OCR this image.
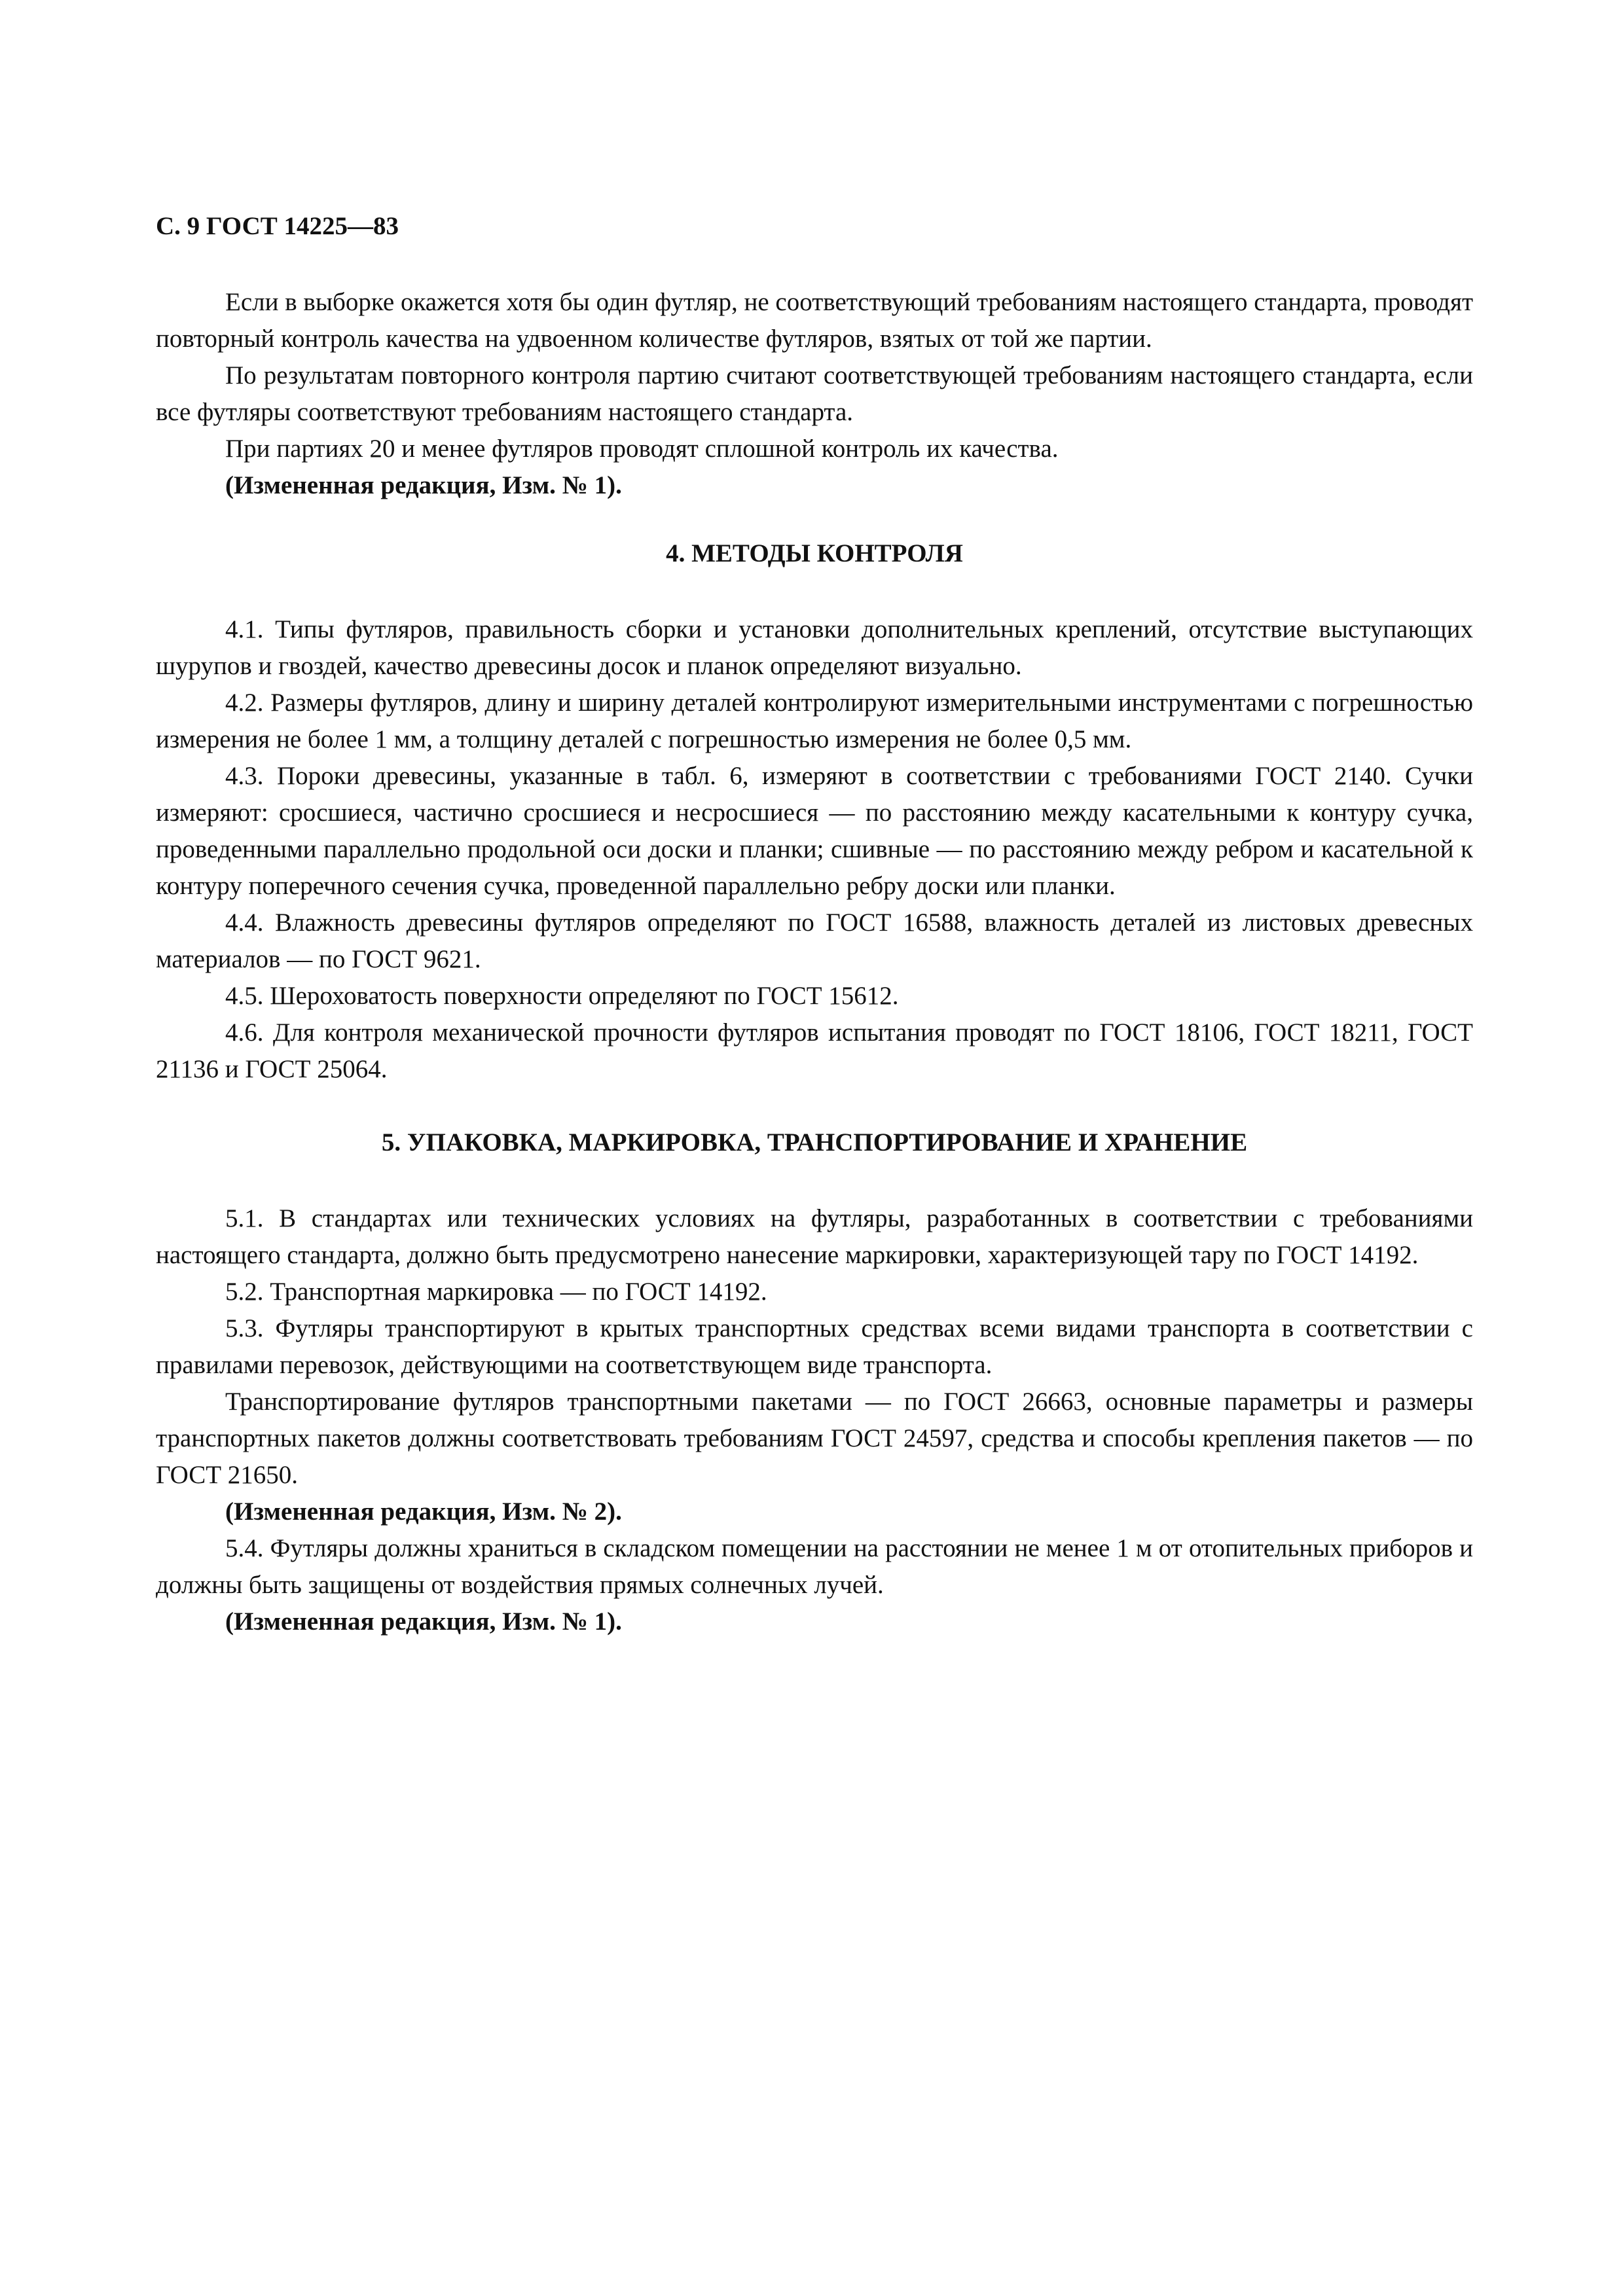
С. 9 ГОСТ 14225—83

Если в выборке окажется хотя бы один футляр, не соответствующий требованиям настоящего стандарта, проводят повторный контроль качества на удвоенном количестве футляров, взятых от той же партии.

По результатам повторного контроля партию считают соответствующей требованиям настоящего стандарта, если все футляры соответствуют требованиям настоящего стандарта.

При партиях 20 и менее футляров проводят сплошной контроль их качества.

(Измененная редакция, Изм. № 1).

4. МЕТОДЫ КОНТРОЛЯ

4.1. Типы футляров, правильность сборки и установки дополнительных креплений, отсутствие выступающих шурупов и гвоздей, качество древесины досок и планок определяют визуально.

4.2. Размеры футляров, длину и ширину деталей контролируют измерительными инструментами с погрешностью измерения не более 1 мм, а толщину деталей с погрешностью измерения не более 0,5 мм.

4.3. Пороки древесины, указанные в табл. 6, измеряют в соответствии с требованиями ГОСТ 2140. Сучки измеряют: сросшиеся, частично сросшиеся и несросшиеся — по расстоянию между касательными к контуру сучка, проведенными параллельно продольной оси доски и планки; сшивные — по расстоянию между ребром и касательной к контуру поперечного сечения сучка, проведенной параллельно ребру доски или планки.

4.4. Влажность древесины футляров определяют по ГОСТ 16588, влажность деталей из листовых древесных материалов — по ГОСТ 9621.

4.5. Шероховатость поверхности определяют по ГОСТ 15612.

4.6. Для контроля механической прочности футляров испытания проводят по ГОСТ 18106, ГОСТ 18211, ГОСТ 21136 и ГОСТ 25064.

5. УПАКОВКА, МАРКИРОВКА, ТРАНСПОРТИРОВАНИЕ И ХРАНЕНИЕ

5.1. В стандартах или технических условиях на футляры, разработанных в соответствии с требованиями настоящего стандарта, должно быть предусмотрено нанесение маркировки, характеризующей тару по ГОСТ 14192.

5.2. Транспортная маркировка — по ГОСТ 14192.

5.3. Футляры транспортируют в крытых транспортных средствах всеми видами транспорта в соответствии с правилами перевозок, действующими на соответствующем виде транспорта.

Транспортирование футляров транспортными пакетами — по ГОСТ 26663, основные параметры и размеры транспортных пакетов должны соответствовать требованиям ГОСТ 24597, средства и способы крепления пакетов — по ГОСТ 21650.

(Измененная редакция, Изм. № 2).

5.4. Футляры должны храниться в складском помещении на расстоянии не менее 1 м от отопительных приборов и должны быть защищены от воздействия прямых солнечных лучей.

(Измененная редакция, Изм. № 1).
